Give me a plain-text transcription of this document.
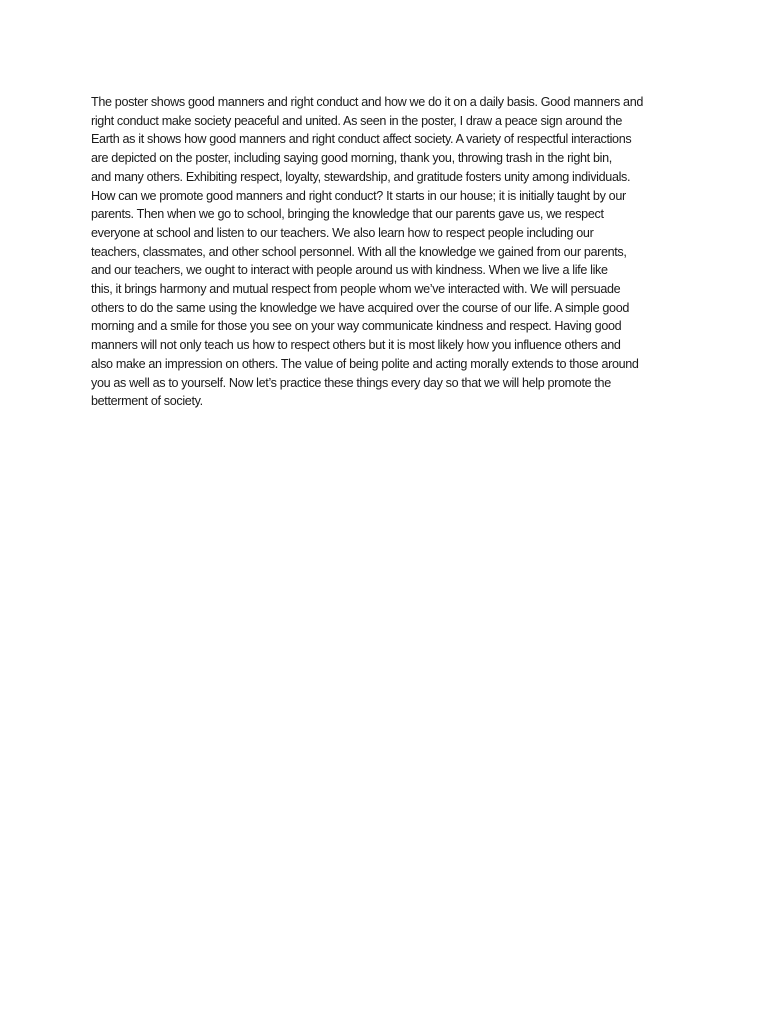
The poster shows good manners and right conduct and how we do it on a daily basis. Good manners and
right conduct make society peaceful and united. As seen in the poster, I draw a peace sign around the
Earth as it shows how good manners and right conduct affect society. A variety of respectful interactions
are depicted on the poster, including saying good morning, thank you, throwing trash in the right bin,
and many others. Exhibiting respect, loyalty, stewardship, and gratitude fosters unity among individuals.
How can we promote good manners and right conduct? It starts in our house; it is initially taught by our
parents. Then when we go to school, bringing the knowledge that our parents gave us, we respect
everyone at school and listen to our teachers. We also learn how to respect people including our
teachers, classmates, and other school personnel. With all the knowledge we gained from our parents,
and our teachers, we ought to interact with people around us with kindness. When we live a life like
this, it brings harmony and mutual respect from people whom we’ve interacted with. We will persuade
others to do the same using the knowledge we have acquired over the course of our life. A simple good
morning and a smile for those you see on your way communicate kindness and respect. Having good
manners will not only teach us how to respect others but it is most likely how you influence others and
also make an impression on others. The value of being polite and acting morally extends to those around
you as well as to yourself. Now let’s practice these things every day so that we will help promote the
betterment of society.
